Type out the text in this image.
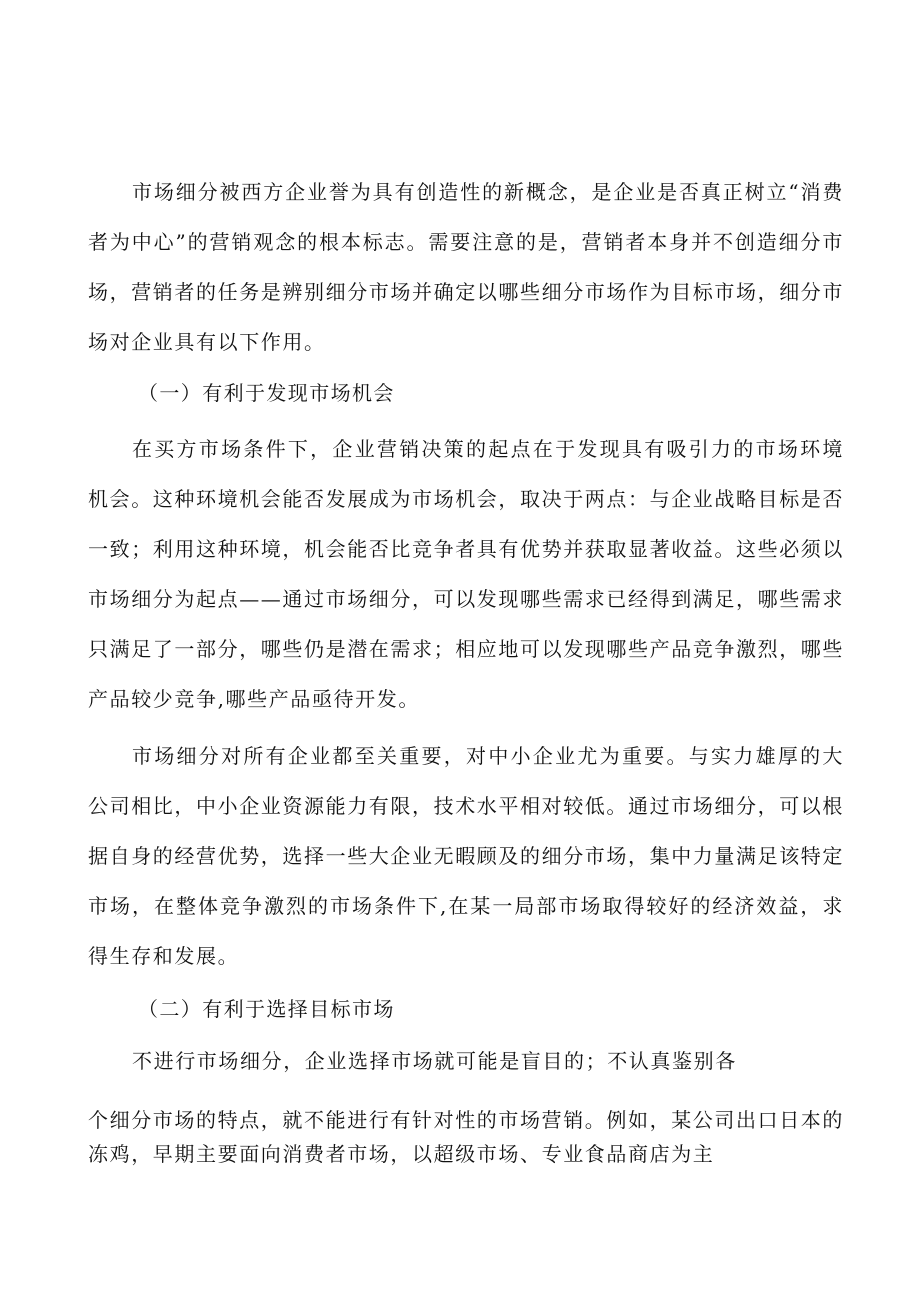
市场细分被西方企业誉为具有创造性的新概念，是企业是否真正树立“消费者为中心”的营销观念的根本标志。需要注意的是，营销者本身并不创造细分市场，营销者的任务是辨别细分市场并确定以哪些细分市场作为目标市场，细分市场对企业具有以下作用。

（一）有利于发现市场机会

在买方市场条件下，企业营销决策的起点在于发现具有吸引力的市场环境机会。这种环境机会能否发展成为市场机会，取决于两点：与企业战略目标是否一致；利用这种环境，机会能否比竞争者具有优势并获取显著收益。这些必须以市场细分为起点——通过市场细分，可以发现哪些需求已经得到满足，哪些需求只满足了一部分，哪些仍是潜在需求；相应地可以发现哪些产品竞争激烈，哪些产品较少竞争,哪些产品亟待开发。

市场细分对所有企业都至关重要，对中小企业尤为重要。与实力雄厚的大公司相比，中小企业资源能力有限，技术水平相对较低。通过市场细分，可以根据自身的经营优势，选择一些大企业无暇顾及的细分市场，集中力量满足该特定市场，在整体竞争激烈的市场条件下,在某一局部市场取得较好的经济效益，求得生存和发展。

（二）有利于选择目标市场

不进行市场细分，企业选择市场就可能是盲目的；不认真鉴别各

个细分市场的特点，就不能进行有针对性的市场营销。例如，某公司出口日本的冻鸡，早期主要面向消费者市场，以超级市场、专业食品商店为主
